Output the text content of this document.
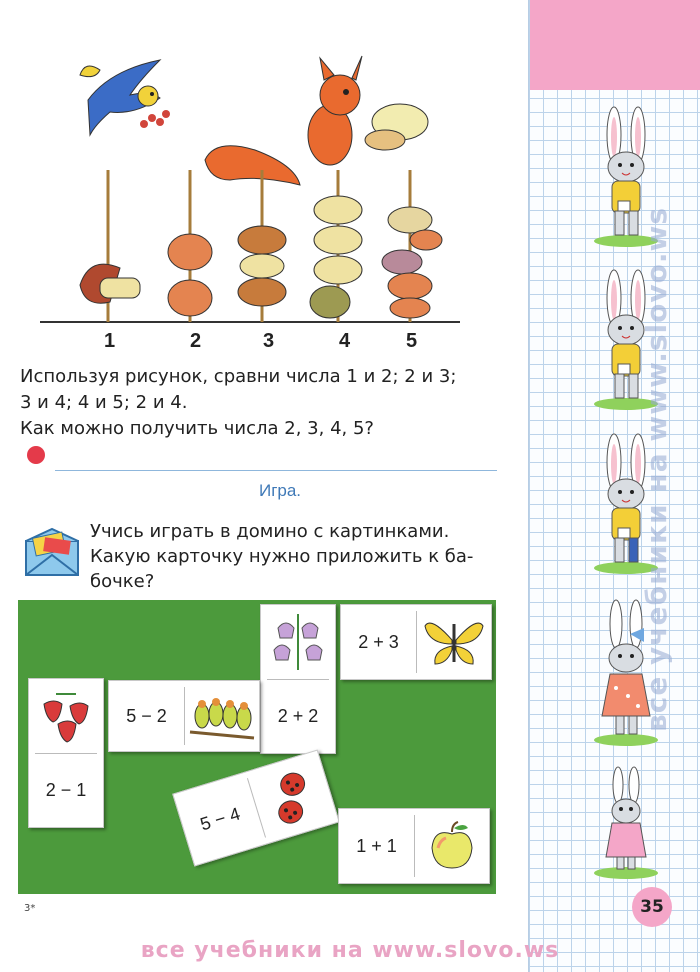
все учебники на www.slovo.ws
1	2	3	4	5

Используя рисунок, сравни числа 1 и 2; 2 и 3;

3 и 4; 4 и 5; 2 и 4.

Как можно получить числа 2, 3, 4, 5?

Игра.

Учись играть в домино с картинками.

Какую карточку нужно приложить к ба-

бочке?

2 + 2
2 + 3
2 − 1
5 − 2
5 − 4
1 + 1
35
3*
все учебники на www.slovo.ws
